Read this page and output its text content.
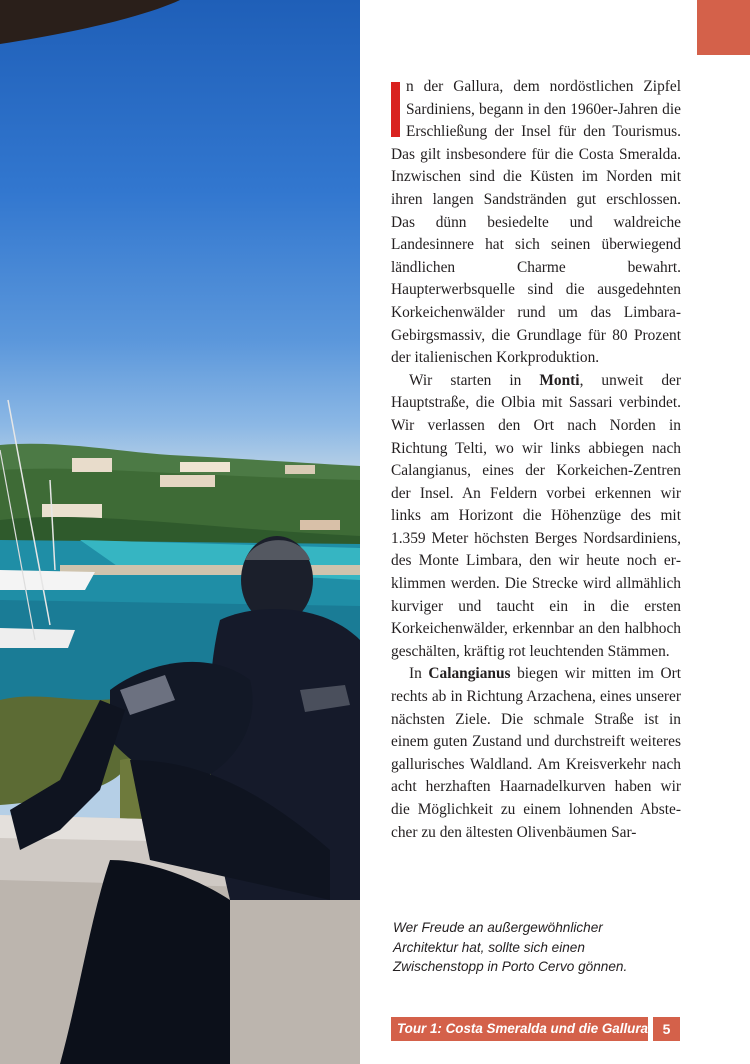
n der Gallura, dem nordöstlichen Zipfel Sardiniens, begann in den 1960er-Jahren die Erschließung der Insel für den Tourismus. Das gilt insbesondere für die Costa Smeralda. Inzwischen sind die Küsten im Norden mit ihren langen Sandstränden gut erschlossen. Das dünn besiedelte und waldreiche Landesinnere hat sich seinen überwiegend ländlichen Charme bewahrt. Haupterwerbsquelle sind die ausgedehnten Korkeichenwälder rund um das Limbara-Gebirgsmassiv, die Grundlage für 80 Prozent der italienischen Korkproduktion.

Wir starten in Monti, unweit der Hauptstraße, die Olbia mit Sassari verbindet. Wir verlassen den Ort nach Norden in Richtung Telti, wo wir links abbiegen nach Calangianus, eines der Korkeichen-Zentren der Insel. An Feldern vorbei erkennen wir links am Horizont die Höhenzüge des mit 1.359 Meter höchsten Berges Nordsardiniens, des Monte Limbara, den wir heute noch erklimmen werden. Die Strecke wird allmählich kurviger und taucht ein in die ersten Korkeichenwälder, erkennbar an den halbhoch geschälten, kräftig rot leuchtenden Stämmen.

In Calangianus biegen wir mitten im Ort rechts ab in Richtung Arzachena, eines unserer nächsten Ziele. Die schmale Straße ist in einem guten Zustand und durchstreift weiteres gallurisches Waldland. Am Kreisverkehr nach acht herzhaften Haarnadelkurven haben wir die Möglichkeit zu einem lohnenden Abstecher zu den ältesten Olivenbäumen Sar-

Wer Freude an außergewöhnlicher
Architektur hat, sollte sich einen
Zwischenstopp in Porto Cervo gönnen.
Tour 1: Costa Smeralda und die Gallura	5
